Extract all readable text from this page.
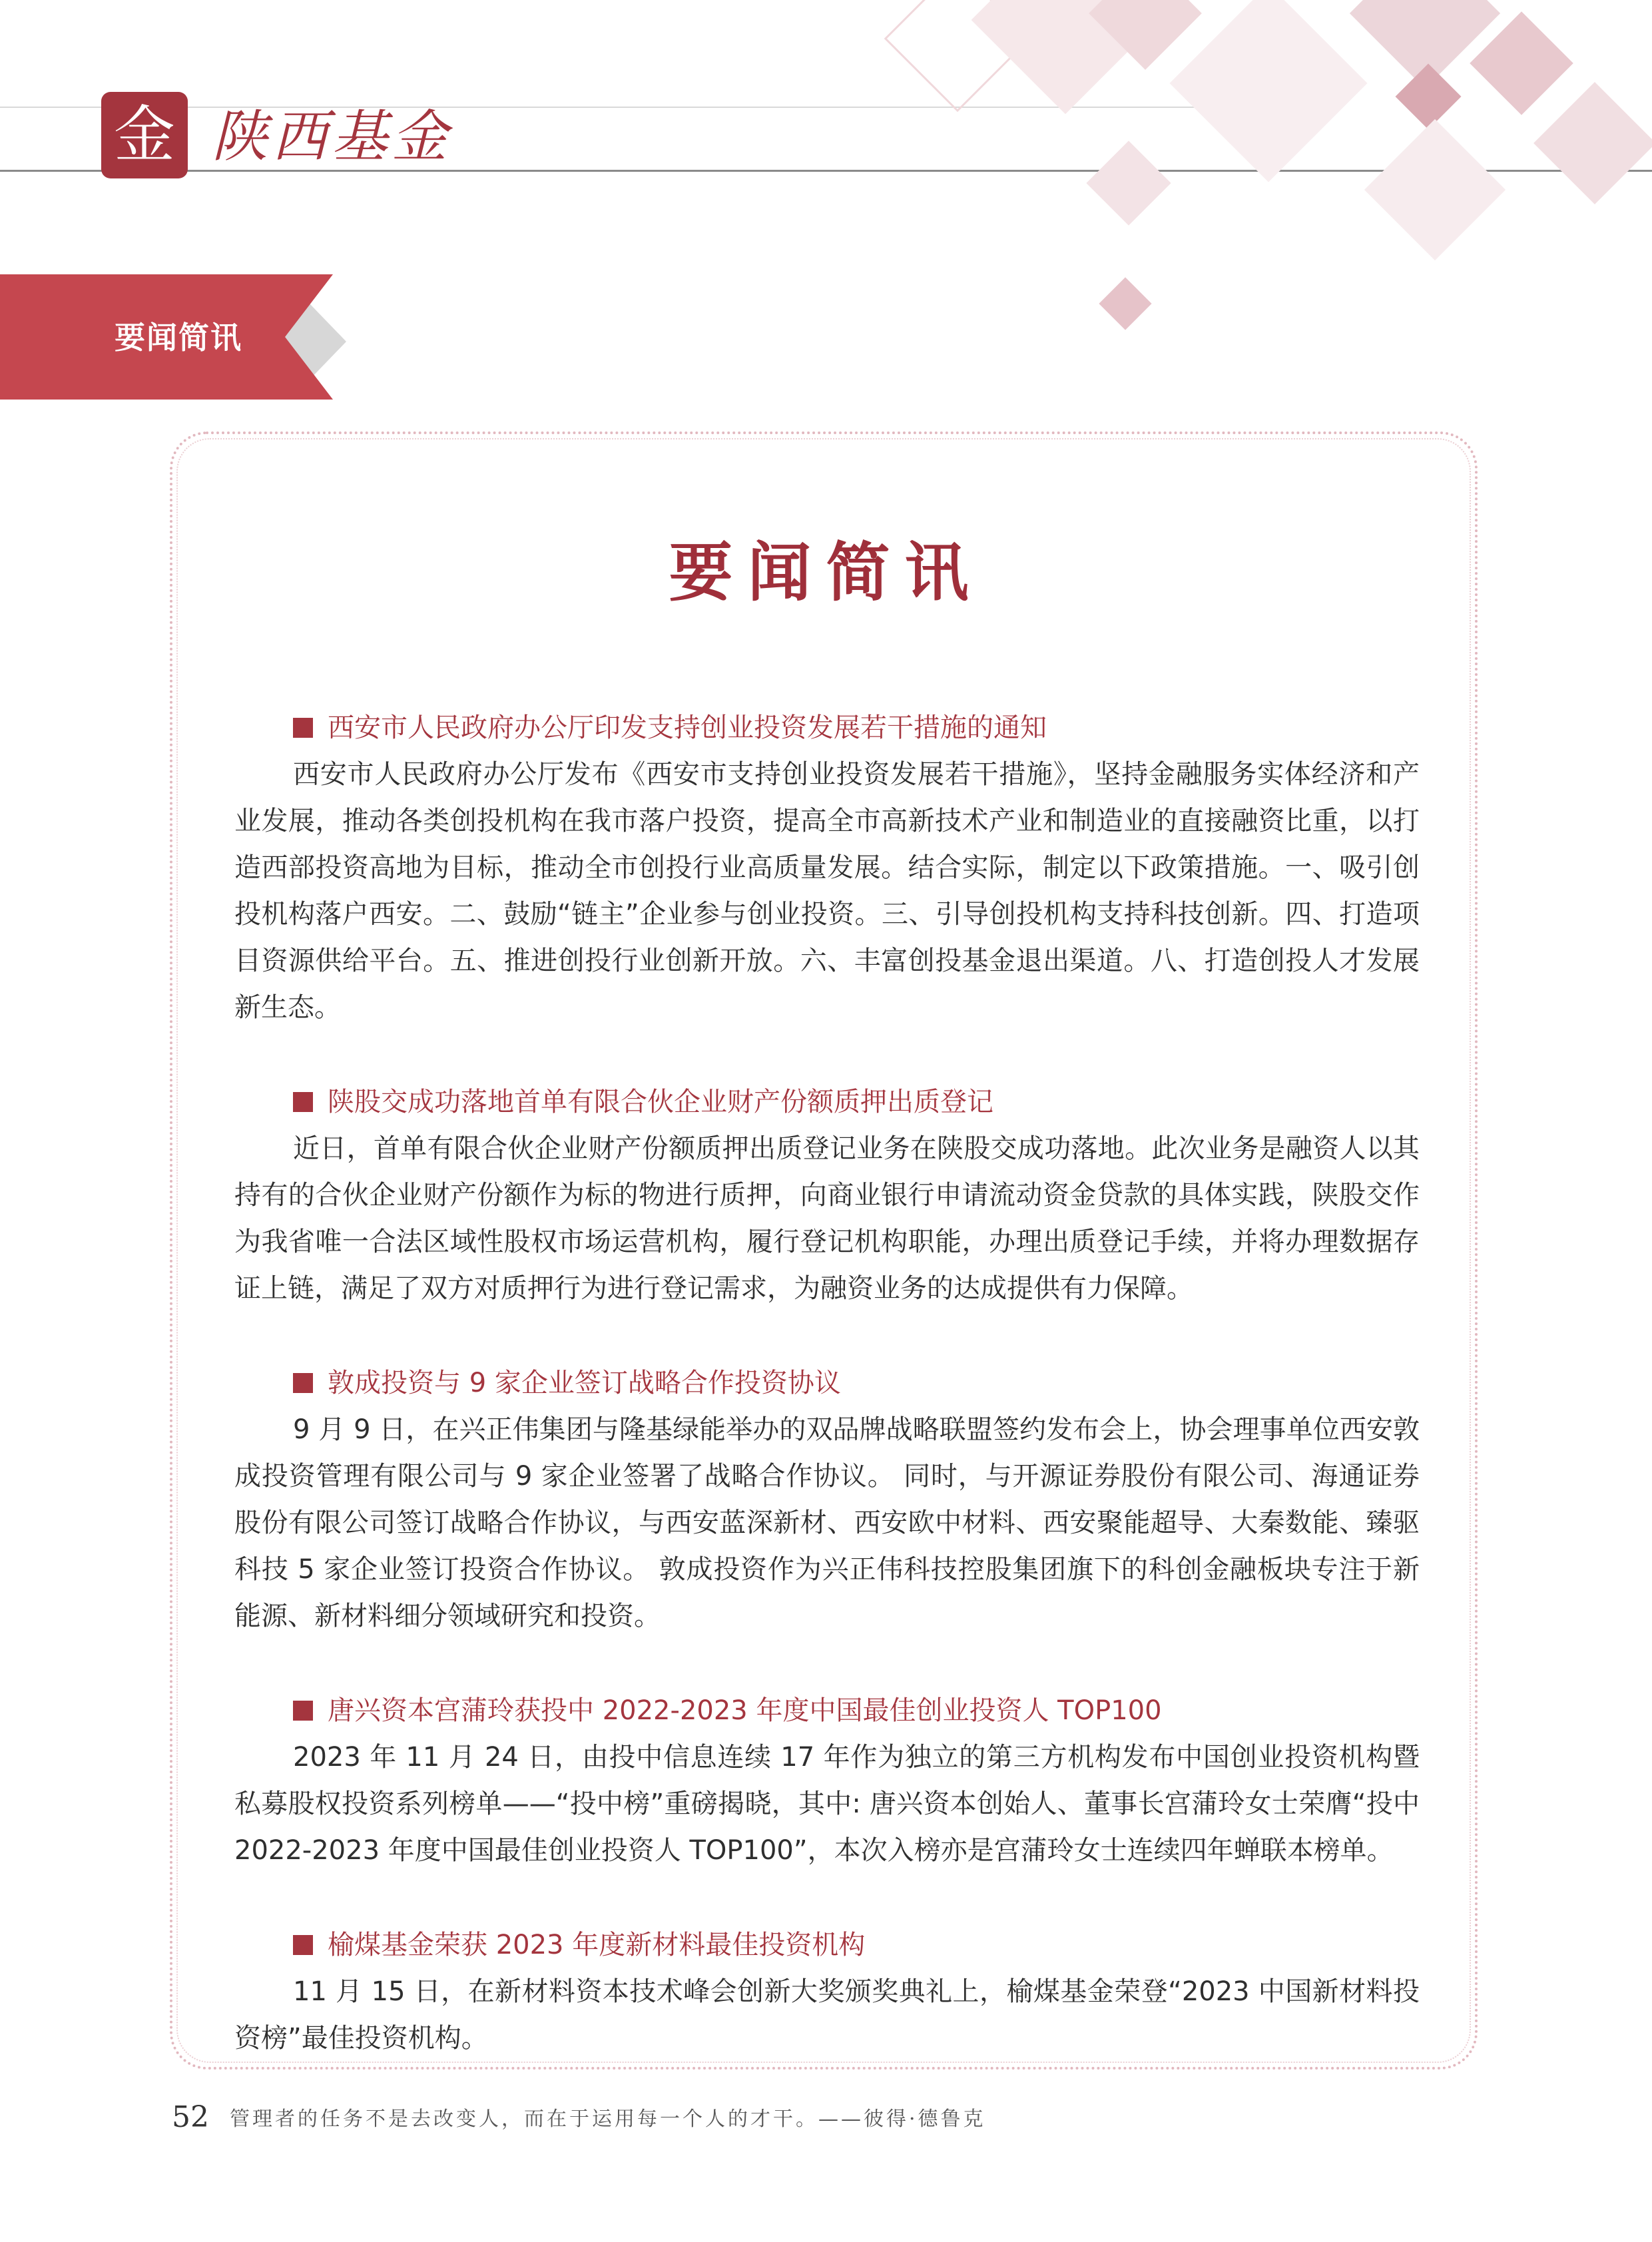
金 陕西基金
要闻简讯
要闻简讯
西安市人民政府办公厅印发支持创业投资发展若干措施的通知

西安市人民政府办公厅发布《西安市支持创业投资发展若干措施》，坚持金融服务实体经济和产业发展，推动各类创投机构在我市落户投资，提高全市高新技术产业和制造业的直接融资比重，以打造西部投资高地为目标，推动全市创投行业高质量发展。结合实际，制定以下政策措施。一、吸引创投机构落户西安。二、鼓励“链主”企业参与创业投资。三、引导创投机构支持科技创新。四、打造项目资源供给平台。五、推进创投行业创新开放。六、丰富创投基金退出渠道。八、打造创投人才发展新生态。

陕股交成功落地首单有限合伙企业财产份额质押出质登记

近日，首单有限合伙企业财产份额质押出质登记业务在陕股交成功落地。此次业务是融资人以其持有的合伙企业财产份额作为标的物进行质押，向商业银行申请流动资金贷款的具体实践，陕股交作为我省唯一合法区域性股权市场运营机构，履行登记机构职能，办理出质登记手续，并将办理数据存证上链，满足了双方对质押行为进行登记需求，为融资业务的达成提供有力保障。

敦成投资与 9 家企业签订战略合作投资协议

9 月 9 日，在兴正伟集团与隆基绿能举办的双品牌战略联盟签约发布会上，协会理事单位西安敦成投资管理有限公司与 9 家企业签署了战略合作协议。 同时，与开源证券股份有限公司、海通证券股份有限公司签订战略合作协议，与西安蓝深新材、西安欧中材料、西安聚能超导、大秦数能、臻驱科技 5 家企业签订投资合作协议。 敦成投资作为兴正伟科技控股集团旗下的科创金融板块专注于新能源、新材料细分领域研究和投资。

唐兴资本宫蒲玲获投中 2022-2023 年度中国最佳创业投资人 TOP100

2023 年 11 月 24 日，由投中信息连续 17 年作为独立的第三方机构发布中国创业投资机构暨私募股权投资系列榜单——“投中榜”重磅揭晓，其中: 唐兴资本创始人、董事长宫蒲玲女士荣膺“投中 2022-2023 年度中国最佳创业投资人 TOP100”，本次入榜亦是宫蒲玲女士连续四年蝉联本榜单。

榆煤基金荣获 2023 年度新材料最佳投资机构

11 月 15 日，在新材料资本技术峰会创新大奖颁奖典礼上，榆煤基金荣登“2023 中国新材料投资榜”最佳投资机构。

52 管理者的任务不是去改变人，而在于运用每一个人的才干。——彼得·德鲁克
